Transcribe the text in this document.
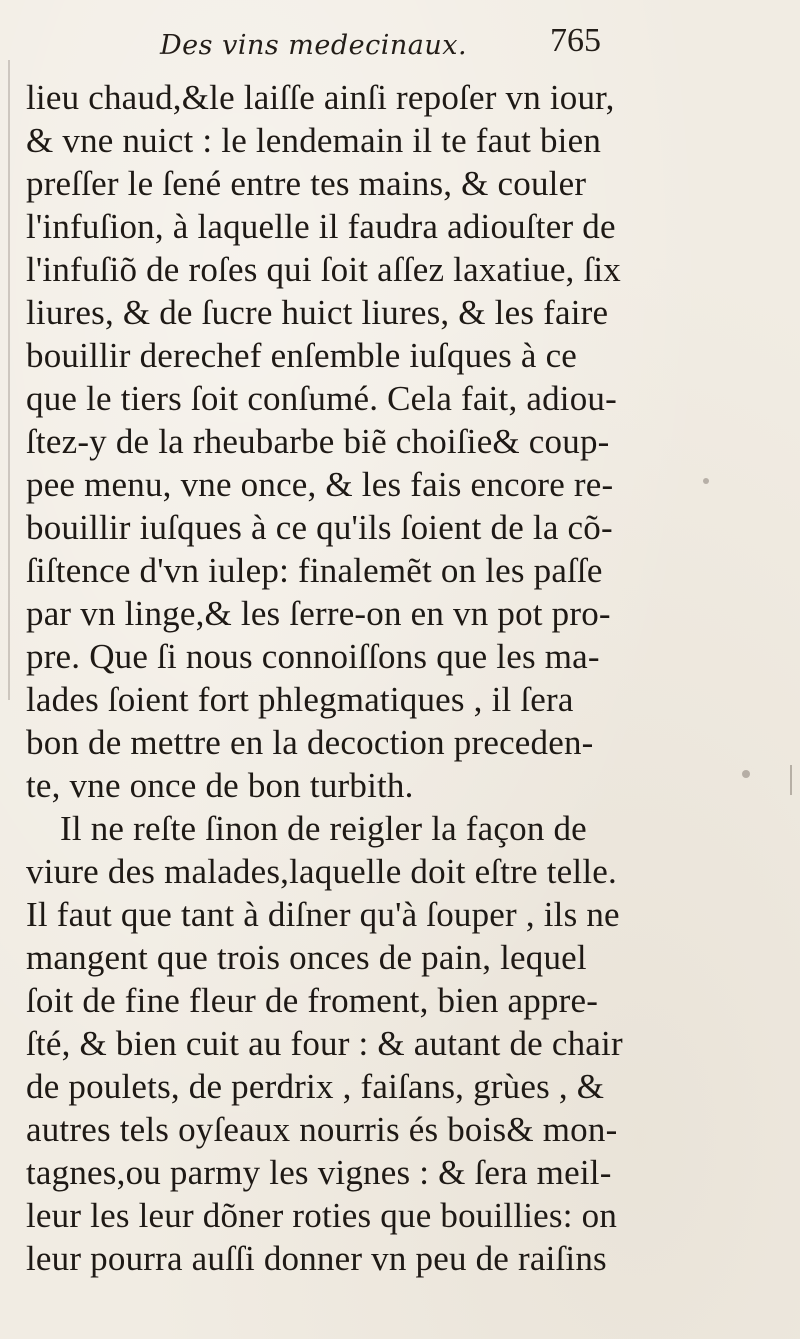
Des vins medecinaux. 765
lieu chaud,&le laiſſe ainſi repoſer vn iour,
& vne nuict : le lendemain il te faut bien
preſſer le ſené entre tes mains, & couler
l'infuſion, à laquelle il faudra adiouſter de
l'infuſiõ de roſes qui ſoit aſſez laxatiue, ſix
liures, & de ſucre huict liures, & les faire
bouillir derechef enſemble iuſques à ce
que le tiers ſoit conſumé. Cela fait, adiou-
ſtez-y de la rheubarbe biẽ choiſie& coup-
pee menu, vne once, & les fais encore re-
bouillir iuſques à ce qu'ils ſoient de la cõ-
ſiſtence d'vn iulep: finalemẽt on les paſſe
par vn linge,& les ſerre-on en vn pot pro-
pre. Que ſi nous connoiſſons que les ma-
lades ſoient fort phlegmatiques , il ſera
bon de mettre en la decoction preceden-
te, vne once de bon turbith.
Il ne reſte ſinon de reigler la façon de
viure des malades,laquelle doit eſtre telle.
Il faut que tant à diſner qu'à ſouper , ils ne
mangent que trois onces de pain, lequel
ſoit de fine fleur de froment, bien appre-
ſté, & bien cuit au four : & autant de chair
de poulets, de perdrix , faiſans, grùes , &
autres tels oyſeaux nourris és bois& mon-
tagnes,ou parmy les vignes : & ſera meil-
leur les leur dõner roties que bouillies: on
leur pourra auſſi donner vn peu de raiſins
